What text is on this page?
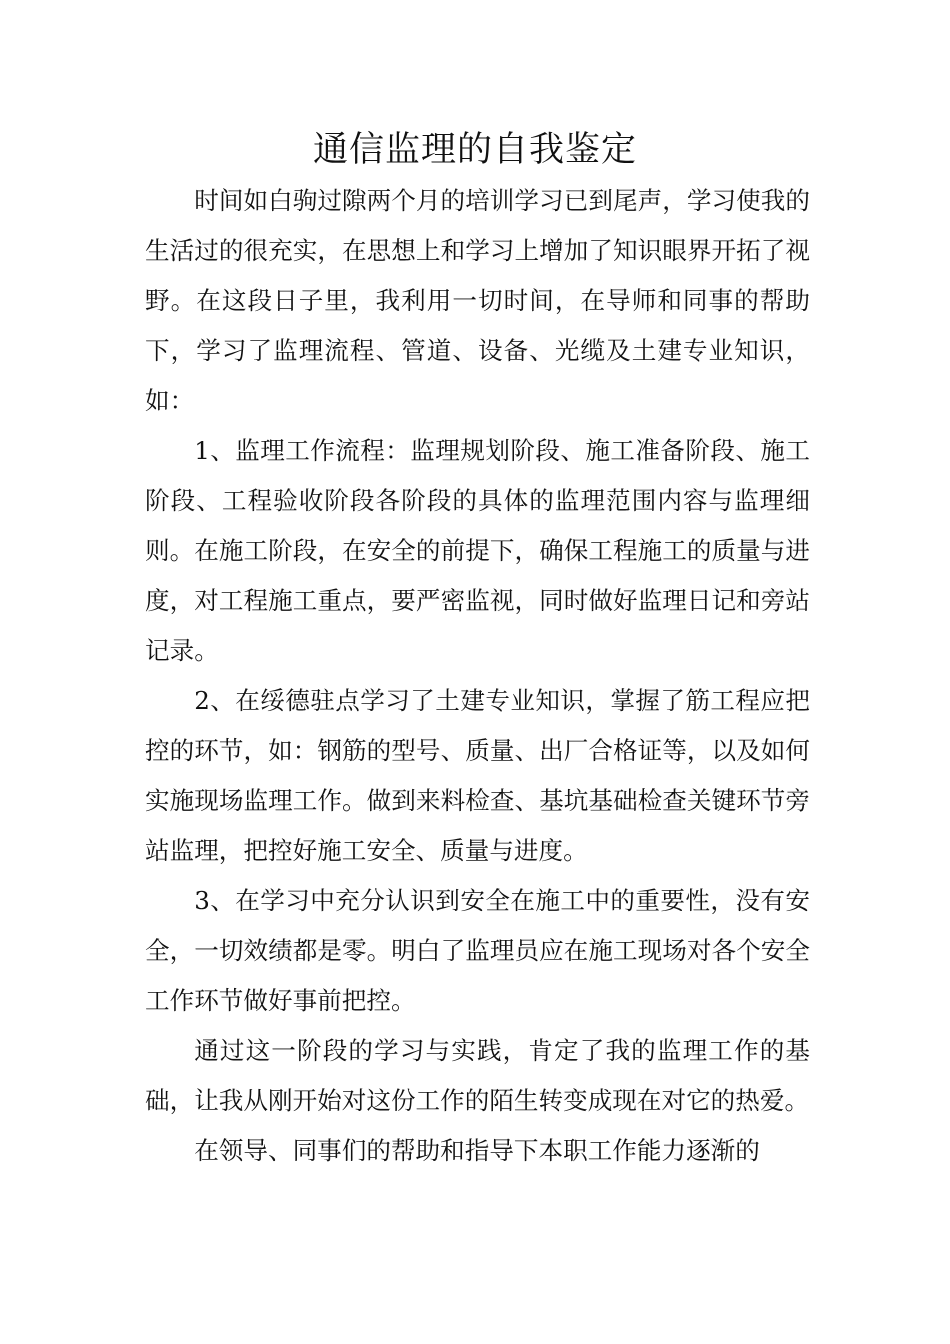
通信监理的自我鉴定

时间如白驹过隙两个月的培训学习已到尾声，学习使我的生活过的很充实，在思想上和学习上增加了知识眼界开拓了视野。在这段日子里，我利用一切时间，在导师和同事的帮助下，学习了监理流程、管道、设备、光缆及土建专业知识，如：

1、监理工作流程：监理规划阶段、施工准备阶段、施工阶段、工程验收阶段各阶段的具体的监理范围内容与监理细则。在施工阶段，在安全的前提下，确保工程施工的质量与进度，对工程施工重点，要严密监视，同时做好监理日记和旁站记录。

2、在绥德驻点学习了土建专业知识，掌握了筋工程应把控的环节，如：钢筋的型号、质量、出厂合格证等，以及如何实施现场监理工作。做到来料检查、基坑基础检查关键环节旁站监理，把控好施工安全、质量与进度。

3、在学习中充分认识到安全在施工中的重要性，没有安全，一切效绩都是零。明白了监理员应在施工现场对各个安全工作环节做好事前把控。

通过这一阶段的学习与实践，肯定了我的监理工作的基础，让我从刚开始对这份工作的陌生转变成现在对它的热爱。

在领导、同事们的帮助和指导下本职工作能力逐渐的
